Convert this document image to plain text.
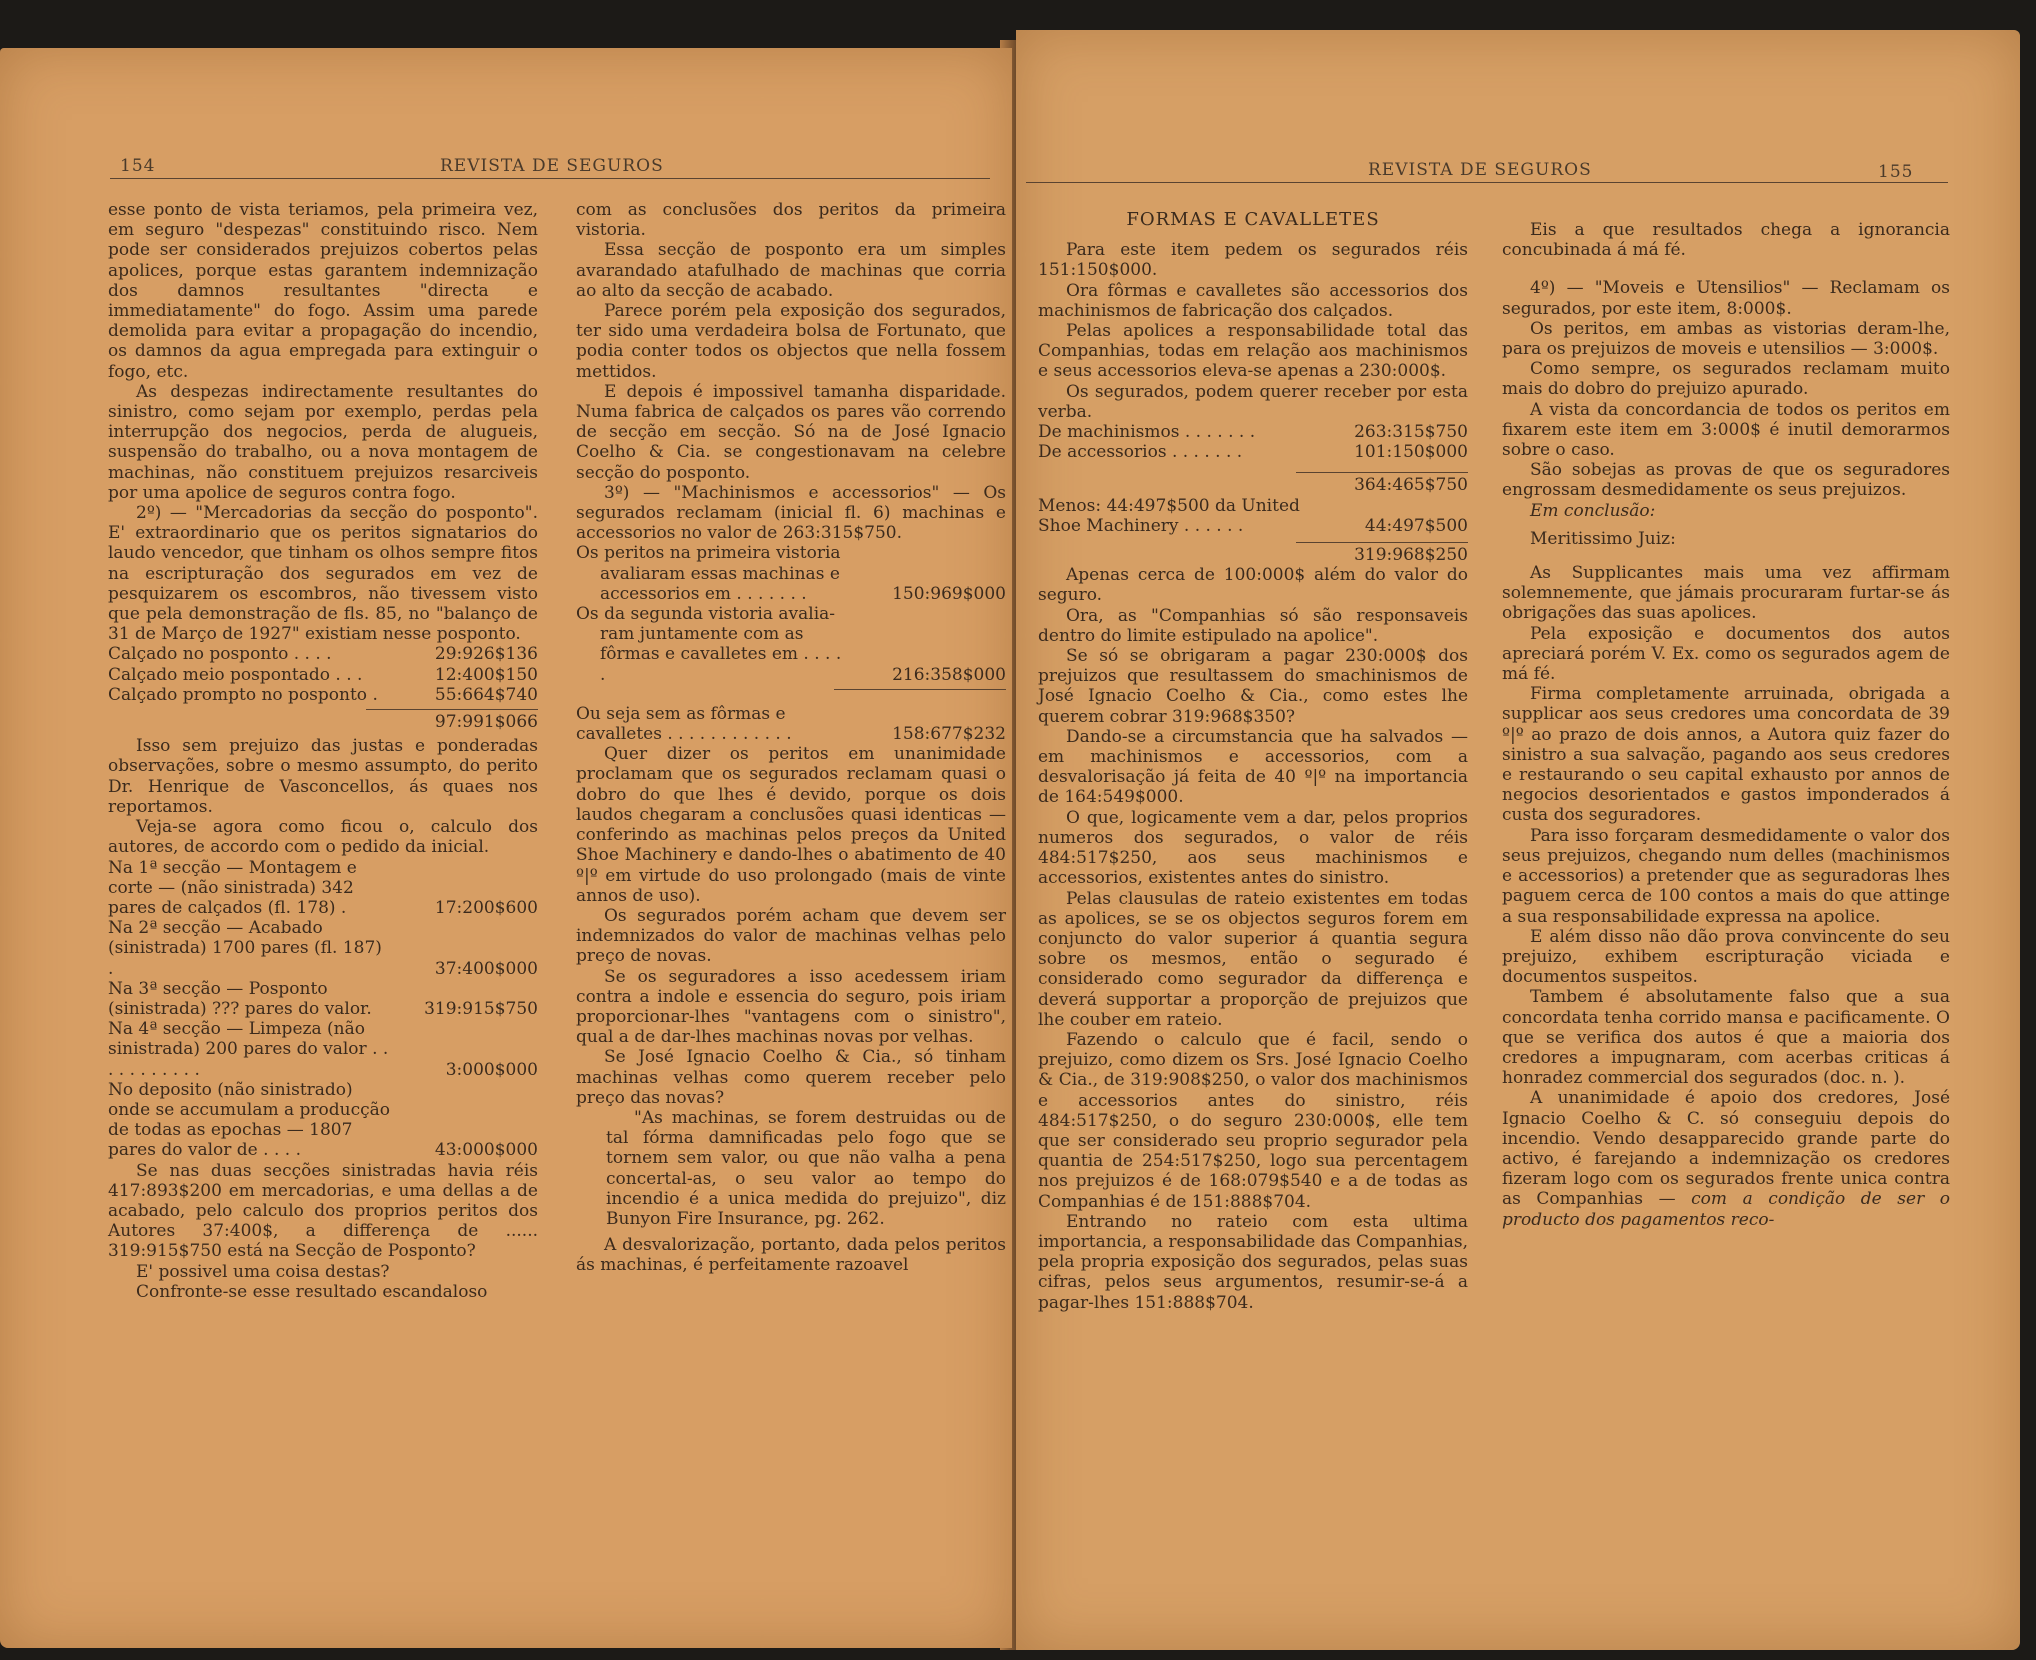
154	REVISTA DE SEGUROS

esse ponto de vista teriamos, pela primeira vez, em seguro "despezas" constituindo risco. Nem pode ser considerados prejuizos cobertos pelas apolices, porque estas garantem indemnização dos damnos resultantes "directa e immediatamente" do fogo. Assim uma parede demolida para evitar a propagação do incendio, os damnos da agua empregada para extinguir o fogo, etc.

As despezas indirectamente resultantes do sinistro, como sejam por exemplo, perdas pela interrupção dos negocios, perda de alugueis, suspensão do trabalho, ou a nova montagem de machinas, não constituem prejuizos resarciveis por uma apolice de seguros contra fogo.

2º) — "Mercadorias da secção do posponto". E' extraordinario que os peritos signatarios do laudo vencedor, que tinham os olhos sempre fitos na escripturação dos segurados em vez de pesquizarem os escombros, não tivessem visto que pela demonstração de fls. 85, no "balanço de 31 de Março de 1927" existiam nesse posponto.

Calçado no posponto . . . .	29:926$136
Calçado meio pospontado . . .	12:400$150
Calçado prompto no posponto .	55:664$740
97:991$066

Isso sem prejuizo das justas e ponderadas observações, sobre o mesmo assumpto, do perito Dr. Henrique de Vasconcellos, ás quaes nos reportamos.

Veja-se agora como ficou o, calculo dos autores, de accordo com o pedido da inicial.

Na 1ª secção — Montagem e corte — (não sinistrada) 342 pares de calçados (fl. 178) .	17:200$600
Na 2ª secção — Acabado (sinistrada) 1700 pares (fl. 187) .	37:400$000
Na 3ª secção — Posponto (sinistrada) ??? pares do valor.	319:915$750
Na 4ª secção — Limpeza (não sinistrada) 200 pares do valor . . . . . . . . . . .	3:000$000
No deposito (não sinistrado) onde se accumulam a producção de todas as epochas — 1807 pares do valor de . . . .	43:000$000

Se nas duas secções sinistradas havia réis 417:893$200 em mercadorias, e uma dellas a de acabado, pelo calculo dos proprios peritos dos Autores 37:400$, a differença de ...... 319:915$750 está na Secção de Posponto?

E' possivel uma coisa destas?

Confronte-se esse resultado escandaloso

com as conclusões dos peritos da primeira vistoria.

Essa secção de posponto era um simples avarandado atafulhado de machinas que corria ao alto da secção de acabado.

Parece porém pela exposição dos segurados, ter sido uma verdadeira bolsa de Fortunato, que podia conter todos os objectos que nella fossem mettidos.

E depois é impossivel tamanha disparidade. Numa fabrica de calçados os pares vão correndo de secção em secção. Só na de José Ignacio Coelho & Cia. se congestionavam na celebre secção do posponto.

3º) — "Machinismos e accessorios" — Os segurados reclamam (inicial fl. 6) machinas e accessorios no valor de 263:315$750.

Os peritos na primeira vistoria

avaliaram essas machinas e accessorios em . . . . . . .	150:969$000

Os da segunda vistoria avalia-

ram juntamente com as fôrmas e cavalletes em . . . . .	216:358$000
Ou seja sem as fôrmas e cavalletes . . . . . . . . . . . .	158:677$232

Quer dizer os peritos em unanimidade proclamam que os segurados reclamam quasi o dobro do que lhes é devido, porque os dois laudos chegaram a conclusões quasi identicas — conferindo as machinas pelos preços da United Shoe Machinery e dando-lhes o abatimento de 40 º|º em virtude do uso prolongado (mais de vinte annos de uso).

Os segurados porém acham que devem ser indemnizados do valor de machinas velhas pelo preço de novas.

Se os seguradores a isso acedessem iriam contra a indole e essencia do seguro, pois iriam proporcionar-lhes "vantagens com o sinistro", qual a de dar-lhes machinas novas por velhas.

Se José Ignacio Coelho & Cia., só tinham machinas velhas como querem receber pelo preço das novas?

"As machinas, se forem destruidas ou de tal fórma damnificadas pelo fogo que se tornem sem valor, ou que não valha a pena concertal-as, o seu valor ao tempo do incendio é a unica medida do prejuizo", diz Bunyon Fire Insurance, pg. 262.

A desvalorização, portanto, dada pelos peritos ás machinas, é perfeitamente razoavel

REVISTA DE SEGUROS	155
FORMAS E CAVALLETES

Para este item pedem os segurados réis 151:150$000.

Ora fôrmas e cavalletes são accessorios dos machinismos de fabricação dos calçados.

Pelas apolices a responsabilidade total das Companhias, todas em relação aos machinismos e seus accessorios eleva-se apenas a 230:000$.

Os segurados, podem querer receber por esta verba.

De machinismos . . . . . . .	263:315$750
De accessorios . . . . . . .	101:150$000
364:465$750
Menos: 44:497$500 da United Shoe Machinery . . . . . .	44:497$500
319:968$250

Apenas cerca de 100:000$ além do valor do seguro.

Ora, as "Companhias só são responsaveis dentro do limite estipulado na apolice".

Se só se obrigaram a pagar 230:000$ dos prejuizos que resultassem do smachinismos de José Ignacio Coelho & Cia., como estes lhe querem cobrar 319:968$350?

Dando-se a circumstancia que ha salvados — em machinismos e accessorios, com a desvalorisação já feita de 40 º|º na importancia de 164:549$000.

O que, logicamente vem a dar, pelos proprios numeros dos segurados, o valor de réis 484:517$250, aos seus machinismos e accessorios, existentes antes do sinistro.

Pelas clausulas de rateio existentes em todas as apolices, se se os objectos seguros forem em conjuncto do valor superior á quantia segura sobre os mesmos, então o segurado é considerado como segurador da differença e deverá supportar a proporção de prejuizos que lhe couber em rateio.

Fazendo o calculo que é facil, sendo o prejuizo, como dizem os Srs. José Ignacio Coelho & Cia., de 319:908$250, o valor dos machinismos e accessorios antes do sinistro, réis 484:517$250, o do seguro 230:000$, elle tem que ser considerado seu proprio segurador pela quantia de 254:517$250, logo sua percentagem nos prejuizos é de 168:079$540 e a de todas as Companhias é de 151:888$704.

Entrando no rateio com esta ultima importancia, a responsabilidade das Companhias, pela propria exposição dos segurados, pelas suas cifras, pelos seus argumentos, resumir-se-á a pagar-lhes 151:888$704.

Eis a que resultados chega a ignorancia concubinada á má fé.

4º) — "Moveis e Utensilios" — Reclamam os segurados, por este item, 8:000$.

Os peritos, em ambas as vistorias deram-lhe, para os prejuizos de moveis e utensilios — 3:000$.

Como sempre, os segurados reclamam muito mais do dobro do prejuizo apurado.

A vista da concordancia de todos os peritos em fixarem este item em 3:000$ é inutil demorarmos sobre o caso.

São sobejas as provas de que os seguradores engrossam desmedidamente os seus prejuizos.

Em conclusão:

Meritissimo Juiz:

As Supplicantes mais uma vez affirmam solemnemente, que jámais procuraram furtar-se ás obrigações das suas apolices.

Pela exposição e documentos dos autos apreciará porém V. Ex. como os segurados agem de má fé.

Firma completamente arruinada, obrigada a supplicar aos seus credores uma concordata de 39 º|º ao prazo de dois annos, a Autora quiz fazer do sinistro a sua salvação, pagando aos seus credores e restaurando o seu capital exhausto por annos de negocios desorientados e gastos imponderados á custa dos seguradores.

Para isso forçaram desmedidamente o valor dos seus prejuizos, chegando num delles (machinismos e accessorios) a pretender que as seguradoras lhes paguem cerca de 100 contos a mais do que attinge a sua responsabilidade expressa na apolice.

E além disso não dão prova convincente do seu prejuizo, exhibem escripturação viciada e documentos suspeitos.

Tambem é absolutamente falso que a sua concordata tenha corrido mansa e pacificamente. O que se verifica dos autos é que a maioria dos credores a impugnaram, com acerbas criticas á honradez commercial dos segurados (doc. n. ).

A unanimidade é apoio dos credores, José Ignacio Coelho & C. só conseguiu depois do incendio. Vendo desapparecido grande parte do activo, é farejando a indemnização os credores fizeram logo com os segurados frente unica contra as Companhias — com a condição de ser o producto dos pagamentos reco-
